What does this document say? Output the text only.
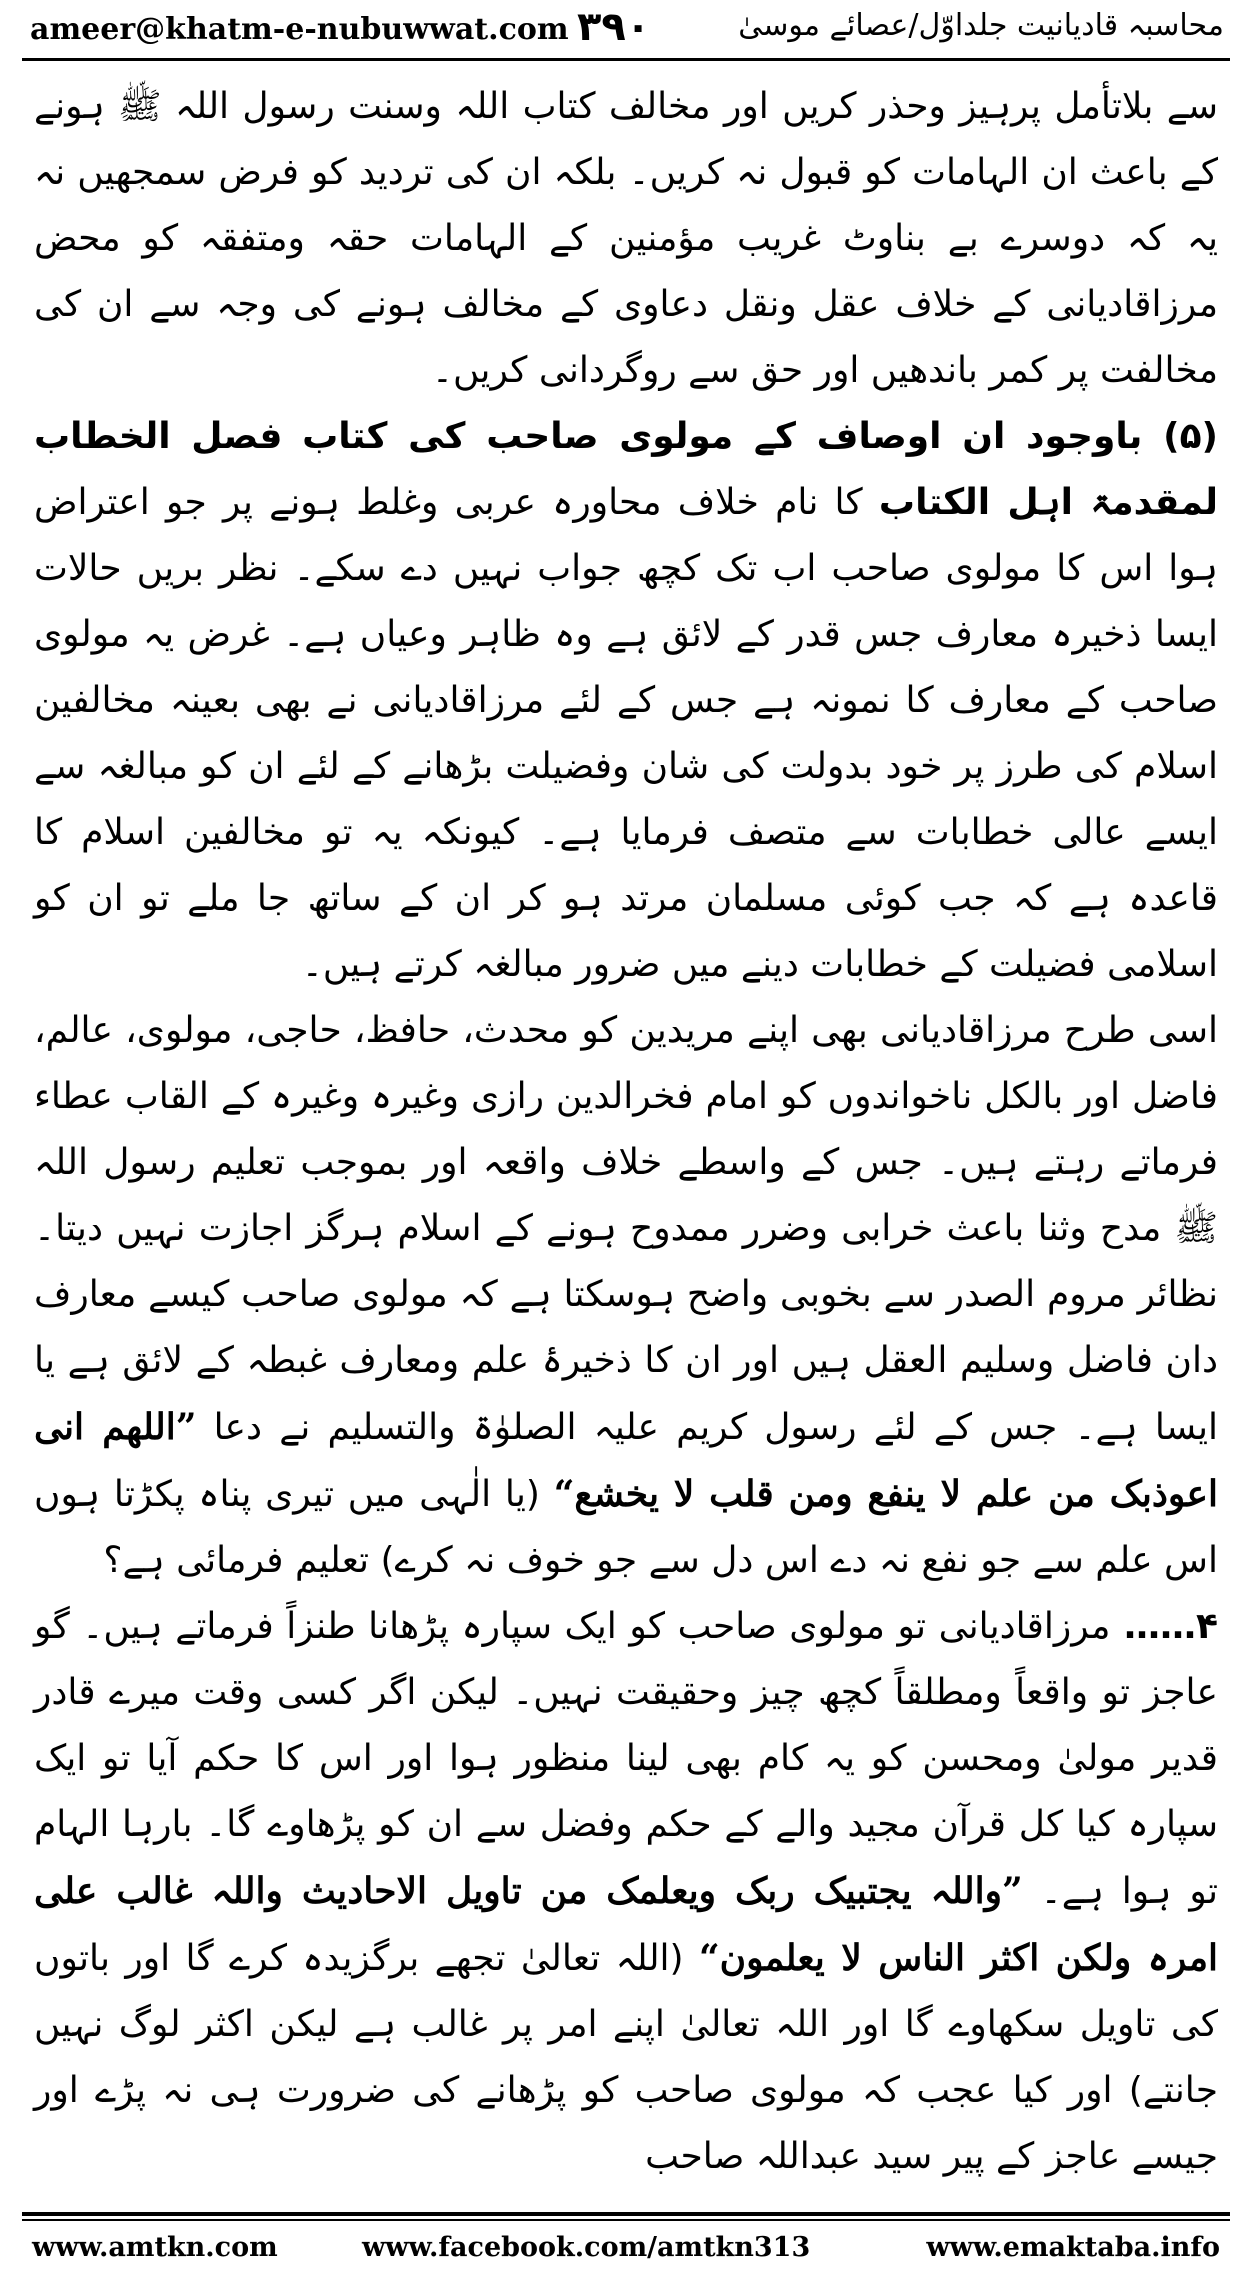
ameer@khatm-e-nubuwwat.com ۳۹۰	محاسبہ قادیانیت جلداوّل/عصائے موسیٰ

سے بلاتأمل پرہیز وحذر کریں اور مخالف کتاب اللہ وسنت رسول اللہ ﷺ ہونے کے باعث ان الہامات کو قبول نہ کریں۔ بلکہ ان کی تردید کو فرض سمجھیں نہ یہ کہ دوسرے بے بناوٹ غریب مؤمنین کے الہامات حقہ ومتفقہ کو محض مرزاقادیانی کے خلاف عقل ونقل دعاوی کے مخالف ہونے کی وجہ سے ان کی مخالفت پر کمر باندھیں اور حق سے روگردانی کریں۔

(۵) باوجود ان اوصاف کے مولوی صاحب کی کتاب فصل الخطاب لمقدمۃ اہل الکتاب کا نام خلاف محاورہ عربی وغلط ہونے پر جو اعتراض ہوا اس کا مولوی صاحب اب تک کچھ جواب نہیں دے سکے۔ نظر بریں حالات ایسا ذخیرہ معارف جس قدر کے لائق ہے وہ ظاہر وعیاں ہے۔ غرض یہ مولوی صاحب کے معارف کا نمونہ ہے جس کے لئے مرزاقادیانی نے بھی بعینہ مخالفین اسلام کی طرز پر خود بدولت کی شان وفضیلت بڑھانے کے لئے ان کو مبالغہ سے ایسے عالی خطابات سے متصف فرمایا ہے۔ کیونکہ یہ تو مخالفین اسلام کا قاعدہ ہے کہ جب کوئی مسلمان مرتد ہو کر ان کے ساتھ جا ملے تو ان کو اسلامی فضیلت کے خطابات دینے میں ضرور مبالغہ کرتے ہیں۔

اسی طرح مرزاقادیانی بھی اپنے مریدین کو محدث، حافظ، حاجی، مولوی، عالم، فاضل اور بالکل ناخواندوں کو امام فخرالدین رازی وغیرہ وغیرہ کے القاب عطاء فرماتے رہتے ہیں۔ جس کے واسطے خلاف واقعہ اور بموجب تعلیم رسول اللہ ﷺ مدح وثنا باعث خرابی وضرر ممدوح ہونے کے اسلام ہرگز اجازت نہیں دیتا۔ نظائر مروم الصدر سے بخوبی واضح ہوسکتا ہے کہ مولوی صاحب کیسے معارف دان فاضل وسلیم العقل ہیں اور ان کا ذخیرۂ علم ومعارف غبطہ کے لائق ہے یا ایسا ہے۔ جس کے لئے رسول کریم علیہ الصلوٰۃ والتسلیم نے دعا ”اللھم انی اعوذبک من علم لا ینفع ومن قلب لا یخشع“ (یا الٰہی میں تیری پناہ پکڑتا ہوں اس علم سے جو نفع نہ دے اس دل سے جو خوف نہ کرے) تعلیم فرمائی ہے؟

۴…… مرزاقادیانی تو مولوی صاحب کو ایک سپارہ پڑھانا طنزاً فرماتے ہیں۔ گو عاجز تو واقعاً ومطلقاً کچھ چیز وحقیقت نہیں۔ لیکن اگر کسی وقت میرے قادر قدیر مولیٰ ومحسن کو یہ کام بھی لینا منظور ہوا اور اس کا حکم آیا تو ایک سپارہ کیا کل قرآن مجید والے کے حکم وفضل سے ان کو پڑھاوے گا۔ بارہا الہام تو ہوا ہے۔ ”واللہ یجتبیک ربک ویعلمک من تاویل الاحادیث واللہ غالب علی امرہ ولکن اکثر الناس لا یعلمون“ (اللہ تعالیٰ تجھے برگزیدہ کرے گا اور باتوں کی تاویل سکھاوے گا اور اللہ تعالیٰ اپنے امر پر غالب ہے لیکن اکثر لوگ نہیں جانتے) اور کیا عجب کہ مولوی صاحب کو پڑھانے کی ضرورت ہی نہ پڑے اور جیسے عاجز کے پیر سید عبداللہ صاحب

www.amtkn.com	www.facebook.com/amtkn313	www.emaktaba.info
